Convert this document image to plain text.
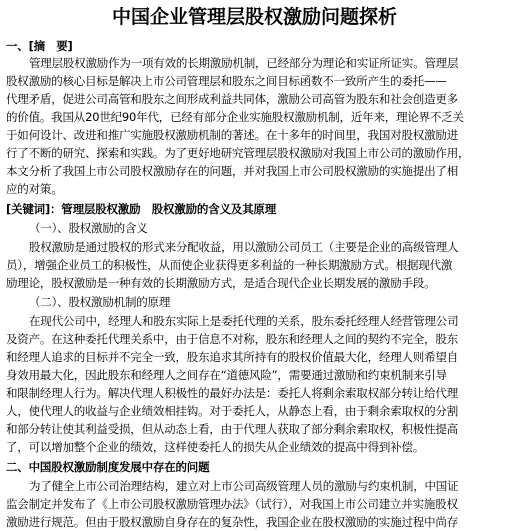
中国企业管理层股权激励问题探析
一、[摘　要]
管理层股权激励作为一项有效的长期激励机制，已经部分为理论和实证所证实。管理层
股权激励的核心目标是解决上市公司管理层和股东之间目标函数不一致所产生的委托——
代理矛盾，促进公司高管和股东之间形成利益共同体，激励公司高管为股东和社会创造更多
的价值。我国从20世纪90年代，已经有部分企业实施股权激励机制，近年来，理论界不乏关
于如何设计、改进和推广实施股权激励机制的著述。在十多年的时间里，我国对股权激励进
行了不断的研究、探索和实践。为了更好地研究管理层股权激励对我国上市公司的激励作用，
本文分析了我国上市公司股权激励存在的问题，并对我国上市公司股权激励的实施提出了相
应的对策。
[关键词]：管理层股权激励　股权激励的含义及其原理
（一）、股权激励的含义
股权激励是通过股权的形式来分配收益，用以激励公司员工（主要是企业的高级管理人
员），增强企业员工的积极性，从而使企业获得更多利益的一种长期激励方式。根据现代激
励理论，股权激励是一种有效的长期激励方式，是适合现代企业长期发展的激励手段。
（二）、股权激励机制的原理
在现代公司中，经理人和股东实际上是委托代理的关系，股东委托经理人经营管理公司
及资产。在这种委托代理关系中，由于信息不对称，股东和经理人之间的契约不完全，股东
和经理人追求的目标并不完全一致，股东追求其所持有的股权价值最大化，经理人则希望自
身效用最大化，因此股东和经理人之间存在“道德风险”，需要通过激励和约束机制来引导
和限制经理人行为。解决代理人积极性的最好办法是：委托人将剩余索取权部分转让给代理
人，使代理人的收益与企业绩效相挂钩。对于委托人，从静态上看，由于剩余索取权的分割
和部分转让使其利益受损，但从动态上看，由于代理人获取了部分剩余索取权，积极性提高
了，可以增加整个企业的绩效，这样使委托人的损失从企业绩效的提高中得到补偿。
二、中国股权激励制度发展中存在的问题
为了健全上市公司治理结构，建立对上市公司高级管理人员的激励与约束机制，中国证
监会制定并发布了《上市公司股权激励管理办法》（试行），对我国上市公司建立并实施股权
激励进行规范。但由于股权激励自身存在的复杂性，我国企业在股权激励的实施过程中尚存
